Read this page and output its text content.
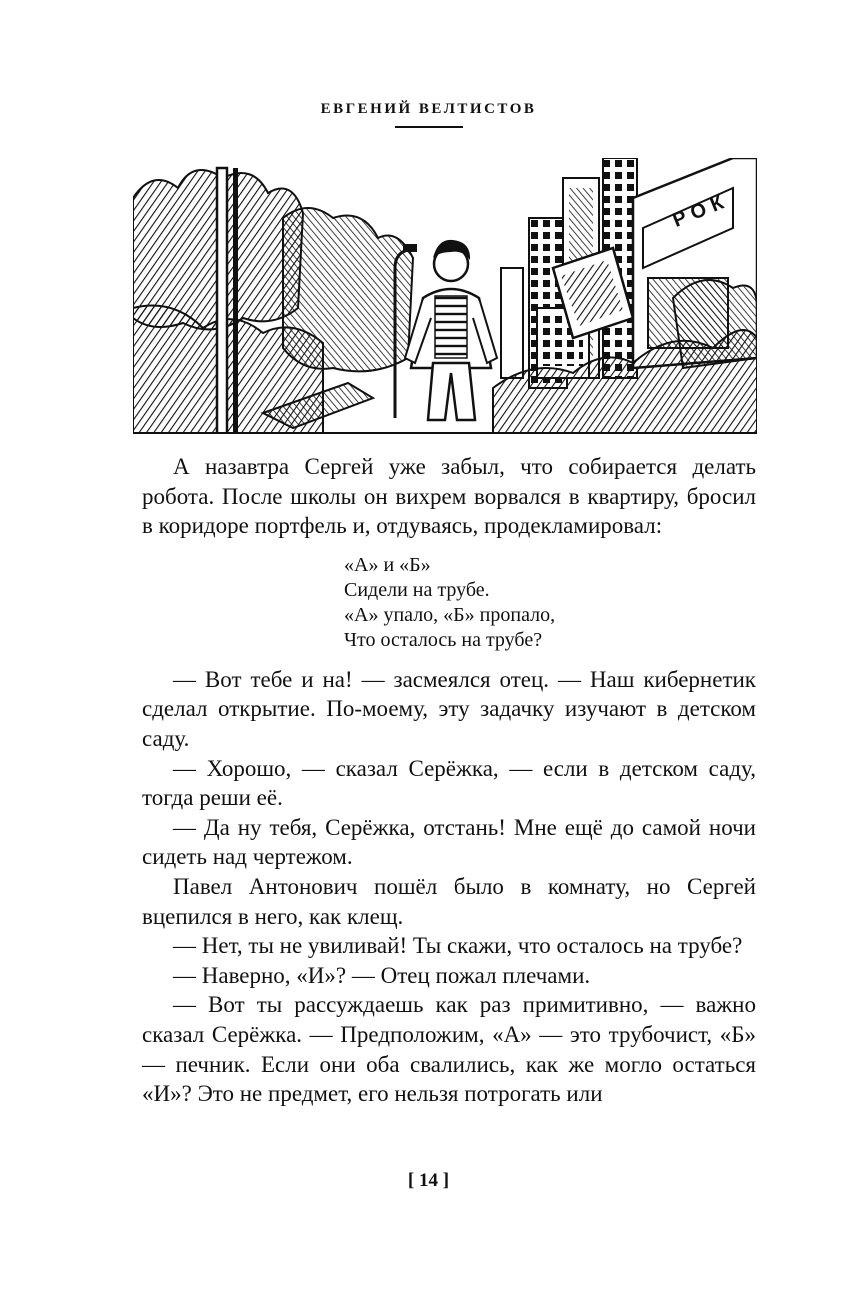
ЕВГЕНИЙ ВЕЛТИСТОВ
РОК

А назавтра Сергей уже забыл, что собирается делать робота. После школы он вихрем ворвался в квартиру, бросил в коридоре портфель и, отдуваясь, продекламировал:

«А» и «Б»
Сидели на трубе.
«А» упало, «Б» пропало,
Что осталось на трубе?

— Вот тебе и на! — засмеялся отец. — Наш кибернетик сделал открытие. По-моему, эту задачку изучают в детском саду.

— Хорошо, — сказал Серёжка, — если в детском саду, тогда реши её.

— Да ну тебя, Серёжка, отстань! Мне ещё до самой ночи сидеть над чертежом.

Павел Антонович пошёл было в комнату, но Сергей вцепился в него, как клещ.

— Нет, ты не увиливай! Ты скажи, что осталось на трубе?

— Наверно, «И»? — Отец пожал плечами.

— Вот ты рассуждаешь как раз примитивно, — важно сказал Серёжка. — Предположим, «А» — это трубочист, «Б» — печник. Если они оба свалились, как же могло остаться «И»? Это не предмет, его нельзя потрогать или

[ 14 ]
